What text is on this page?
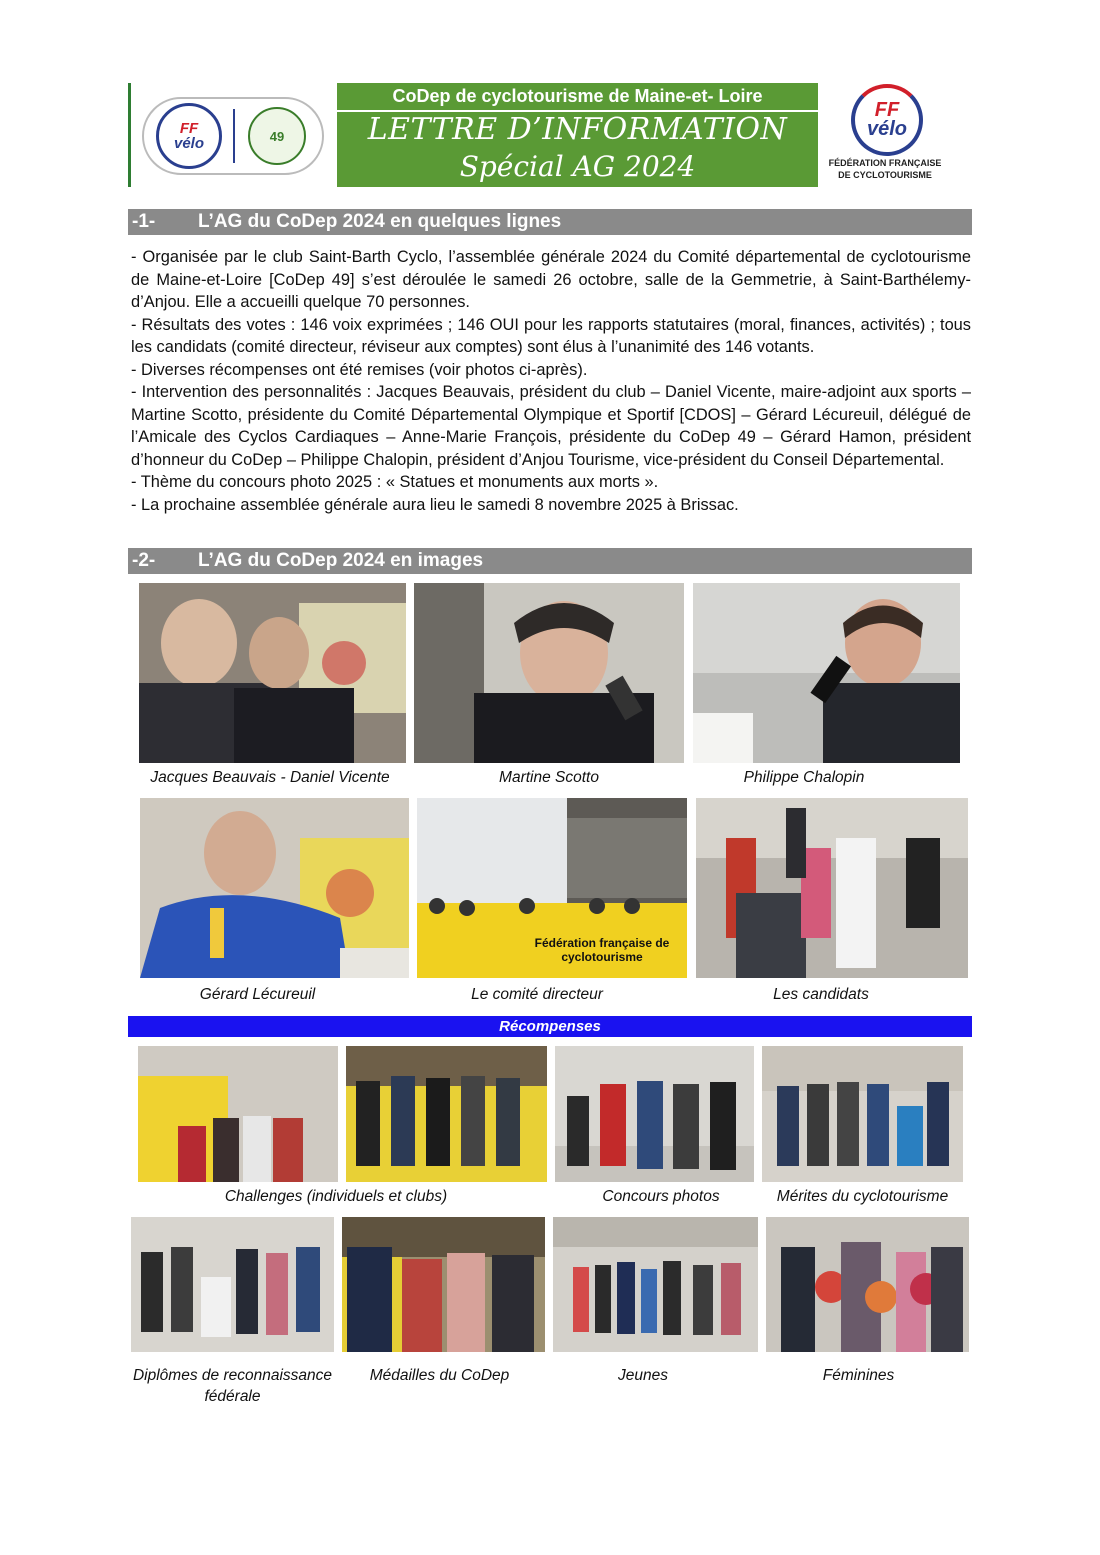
FF
vélo	49
CoDep de cyclotourisme de Maine-et- Loire
LETTRE D’INFORMATION
Spécial AG 2024
FF
vélo
FÉDÉRATION FRANÇAISE
DE CYCLOTOURISME
-1- L’AG du CoDep 2024 en quelques lignes

- Organisée par le club Saint-Barth Cyclo, l’assemblée générale 2024 du Comité départemental de cyclotourisme de Maine-et-Loire [CoDep 49] s’est déroulée le samedi 26 octobre, salle de la Gemmetrie, à Saint-Barthélemy-d’Anjou. Elle a accueilli quelque 70 personnes.

- Résultats des votes : 146 voix exprimées ; 146 OUI pour les rapports statutaires (moral, finances, activités) ; tous les candidats (comité directeur, réviseur aux comptes) sont élus à l’unanimité des 146 votants.

- Diverses récompenses ont été remises (voir photos ci-après).

- Intervention des personnalités : Jacques Beauvais, président du club – Daniel Vicente, maire-adjoint aux sports – Martine Scotto, présidente du Comité Départemental Olympique et Sportif [CDOS] – Gérard Lécureuil, délégué de l’Amicale des Cyclos Cardiaques – Anne-Marie François, présidente du CoDep 49 – Gérard Hamon, président d’honneur du CoDep – Philippe Chalopin, président d’Anjou Tourisme, vice-président du Conseil Départemental.

- Thème du concours photo 2025 : « Statues et monuments aux morts ».

- La prochaine assemblée générale aura lieu le samedi 8 novembre 2025 à Brissac.

-2- L’AG du CoDep 2024 en images
Jacques Beauvais - Daniel Vicente	Martine Scotto	Philippe Chalopin
Fédération française de cyclotourisme
Gérard Lécureuil	Le comité directeur	Les candidats
Récompenses
Challenges (individuels et clubs)	Concours photos	Mérites du cyclotourisme
Diplômes de reconnaissance fédérale
Médailles du CoDep	Jeunes	Féminines
